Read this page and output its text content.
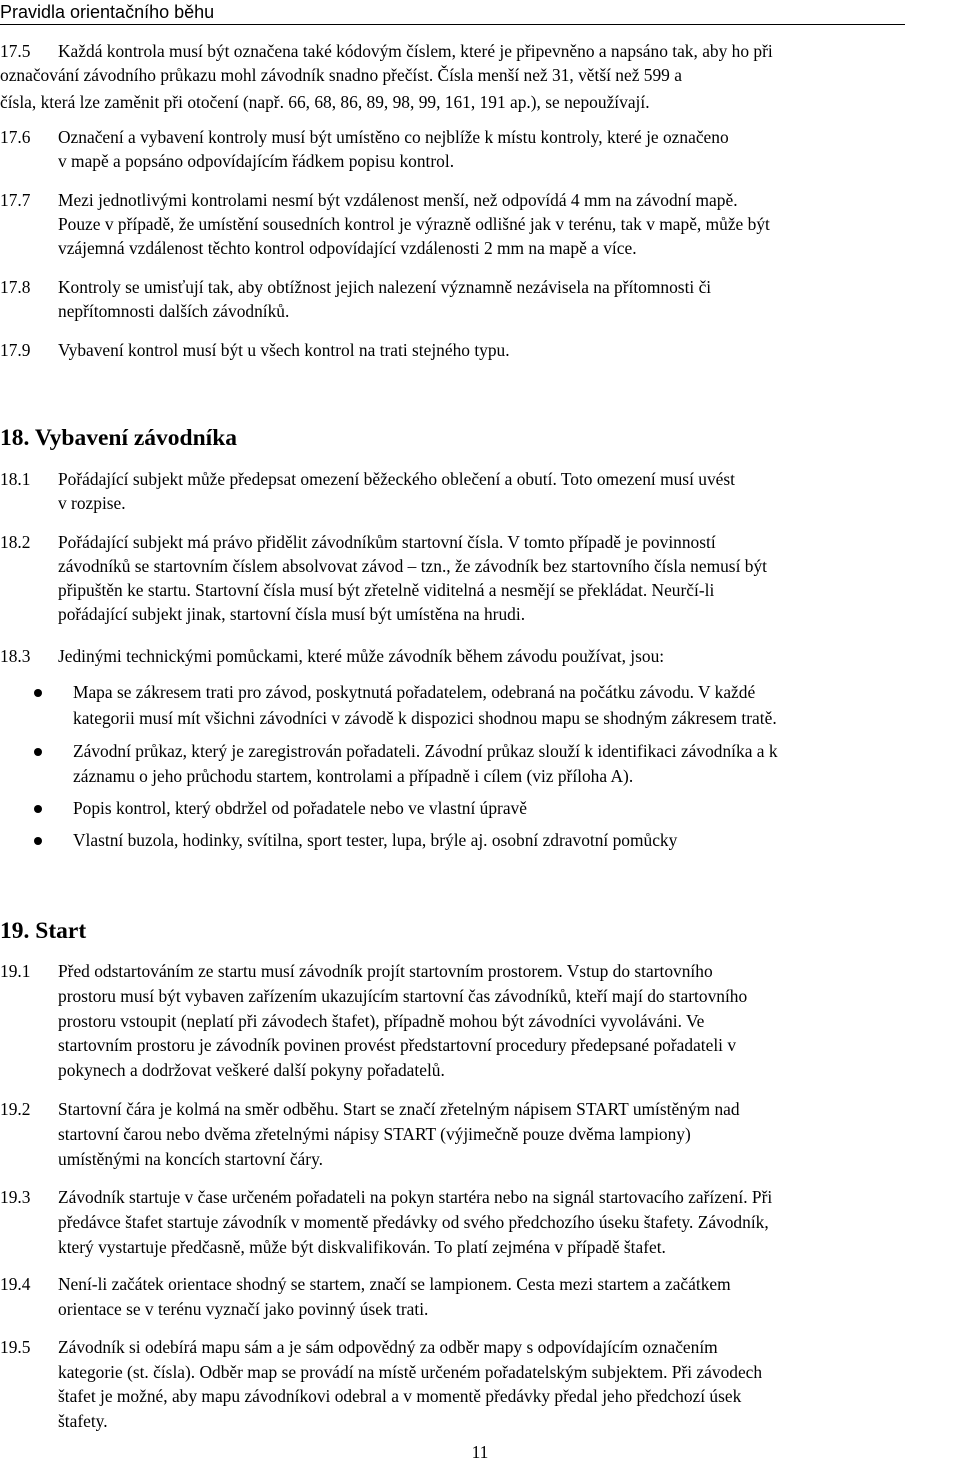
Pravidla orientačního běhu
17.5	Každá kontrola musí být označena také kódovým číslem, které je připevněno a napsáno tak, aby ho při
označování závodního průkazu mohl závodník snadno přečíst. Čísla menší než 31, větší než 599 a
čísla, která lze zaměnit při otočení (např. 66, 68, 86, 89, 98, 99, 161, 191 ap.), se nepoužívají.
17.6	Označení a vybavení kontroly musí být umístěno co nejblíže k místu kontroly, které je označeno
v mapě a popsáno odpovídajícím řádkem popisu kontrol.
17.7	Mezi jednotlivými kontrolami nesmí být vzdálenost menší, než odpovídá 4 mm na závodní mapě.
Pouze v případě, že umístění sousedních kontrol je výrazně odlišné jak v terénu, tak v mapě, může být
vzájemná vzdálenost těchto kontrol odpovídající vzdálenosti 2 mm na mapě a více.
17.8	Kontroly se umisťují tak, aby obtížnost jejich nalezení významně nezávisela na přítomnosti či
nepřítomnosti dalších závodníků.
17.9	Vybavení kontrol musí být u všech kontrol na trati stejného typu.
18. Vybavení závodníka
18.1	Pořádající subjekt může předepsat omezení běžeckého oblečení a obutí. Toto omezení musí uvést
v rozpise.
18.2	Pořádající subjekt má právo přidělit závodníkům startovní čísla. V tomto případě je povinností
závodníků se startovním číslem absolvovat závod – tzn., že závodník bez startovního čísla nemusí být
připuštěn ke startu. Startovní čísla musí být zřetelně viditelná a nesmějí se překládat. Neurčí-li
pořádající subjekt jinak, startovní čísla musí být umístěna na hrudi.
18.3	Jedinými technickými pomůckami, které může závodník během závodu používat, jsou:
Mapa se zákresem trati pro závod, poskytnutá pořadatelem, odebraná na počátku závodu. V každé
kategorii musí mít všichni závodníci v závodě k dispozici shodnou mapu se shodným zákresem tratě.
Závodní průkaz, který je zaregistrován pořadateli. Závodní průkaz slouží k identifikaci závodníka a k
záznamu o jeho průchodu startem, kontrolami a případně i cílem (viz příloha A).
Popis kontrol, který obdržel od pořadatele nebo ve vlastní úpravě
Vlastní buzola, hodinky, svítilna, sport tester, lupa, brýle aj. osobní zdravotní pomůcky
19. Start
19.1	Před odstartováním ze startu musí závodník projít startovním prostorem. Vstup do startovního
prostoru musí být vybaven zařízením ukazujícím startovní čas závodníků, kteří mají do startovního
prostoru vstoupit (neplatí při závodech štafet), případně mohou být závodníci vyvoláváni. Ve
startovním prostoru je závodník povinen provést předstartovní procedury předepsané pořadateli v
pokynech a dodržovat veškeré další pokyny pořadatelů.
19.2	Startovní čára je kolmá na směr odběhu. Start se značí zřetelným nápisem START umístěným nad
startovní čarou nebo dvěma zřetelnými nápisy START (výjimečně pouze dvěma lampiony)
umístěnými na koncích startovní čáry.
19.3	Závodník startuje v čase určeném pořadateli na pokyn startéra nebo na signál startovacího zařízení. Při
předávce štafet startuje závodník v momentě předávky od svého předchozího úseku štafety. Závodník,
který vystartuje předčasně, může být diskvalifikován. To platí zejména v případě štafet.
19.4	Není-li začátek orientace shodný se startem, značí se lampionem. Cesta mezi startem a začátkem
orientace se v terénu vyznačí jako povinný úsek trati.
19.5	Závodník si odebírá mapu sám a je sám odpovědný za odběr mapy s odpovídajícím označením
kategorie (st. čísla). Odběr map se provádí na místě určeném pořadatelským subjektem. Při závodech
štafet je možné, aby mapu závodníkovi odebral a v momentě předávky předal jeho předchozí úsek
štafety.
11
